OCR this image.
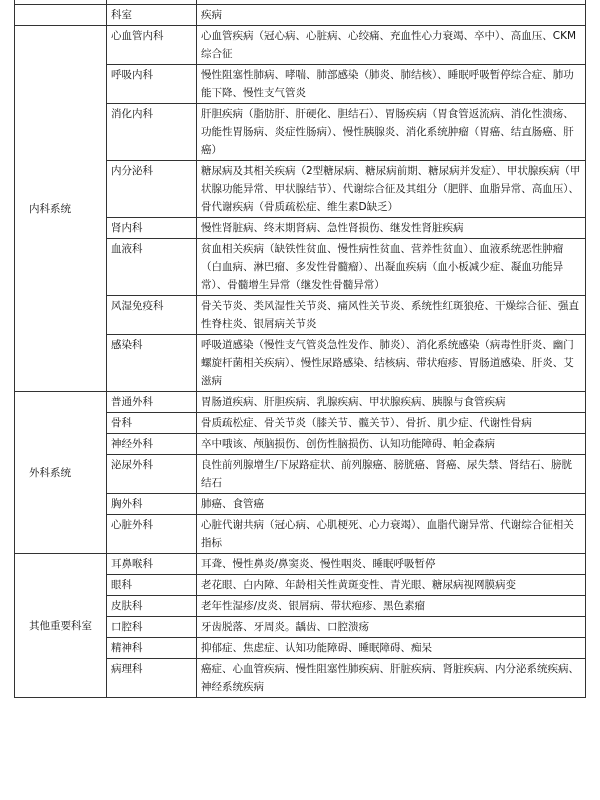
	科室	疾病
内科系统	心血管内科	心血管疾病（冠心病、心脏病、心绞痛、充血性心力衰竭、卒中）、高血压、CKM综合征
	呼吸内科	慢性阻塞性肺病、哮喘、肺部感染（肺炎、肺结核）、睡眠呼吸暂停综合症、肺功能下降、慢性支气管炎
	消化内科	肝胆疾病（脂肪肝、肝硬化、胆结石）、胃肠疾病（胃食管返流病、消化性溃疡、功能性胃肠病、炎症性肠病）、慢性胰腺炎、消化系统肿瘤（胃癌、结直肠癌、肝癌）
	内分泌科	糖尿病及其相关疾病（2型糖尿病、糖尿病前期、糖尿病并发症）、甲状腺疾病（甲状腺功能异常、甲状腺结节）、代谢综合征及其组分（肥胖、血脂异常、高血压）、骨代谢疾病（骨质疏松症、维生素D缺乏）
	肾内科	慢性肾脏病、终末期肾病、急性肾损伤、继发性肾脏疾病
	血液科	贫血相关疾病（缺铁性贫血、慢性病性贫血、营养性贫血）、血液系统恶性肿瘤（白血病、淋巴瘤、多发性骨髓瘤）、出凝血疾病（血小板减少症、凝血功能异常）、骨髓增生异常（继发性骨髓异常）
	风湿免疫科	骨关节炎、类风湿性关节炎、痛风性关节炎、系统性红斑狼疮、干燥综合征、强直性脊柱炎、银屑病关节炎
	感染科	呼吸道感染（慢性支气管炎急性发作、肺炎）、消化系统感染（病毒性肝炎、幽门螺旋杆菌相关疾病）、慢性尿路感染、结核病、带状疱疹、胃肠道感染、肝炎、艾滋病
外科系统	普通外科	胃肠道疾病、肝胆疾病、乳腺疾病、甲状腺疾病、胰腺与食管疾病
	骨科	骨质疏松症、骨关节炎（膝关节、髋关节）、骨折、肌少症、代谢性骨病
	神经外科	卒中哦该、颅脑损伤、创伤性脑损伤、认知功能障碍、帕金森病
	泌尿外科	良性前列腺增生/下尿路症状、前列腺癌、膀胱癌、肾癌、尿失禁、肾结石、膀胱结石
	胸外科	肺癌、食管癌
	心脏外科	心脏代谢共病（冠心病、心肌梗死、心力衰竭）、血脂代谢异常、代谢综合征相关指标
其他重要科室	耳鼻喉科	耳聋、慢性鼻炎/鼻窦炎、慢性咽炎、睡眠呼吸暂停
	眼科	老花眼、白内障、年龄相关性黄斑变性、青光眼、糖尿病视网膜病变
	皮肤科	老年性湿疹/皮炎、银屑病、带状疱疹、黑色素瘤
	口腔科	牙齿脱落、牙周炎。龋齿、口腔溃疡
	精神科	抑郁症、焦虑症、认知功能障碍、睡眠障碍、痴呆
	病理科	癌症、心血管疾病、慢性阻塞性肺疾病、肝脏疾病、肾脏疾病、内分泌系统疾病、神经系统疾病
